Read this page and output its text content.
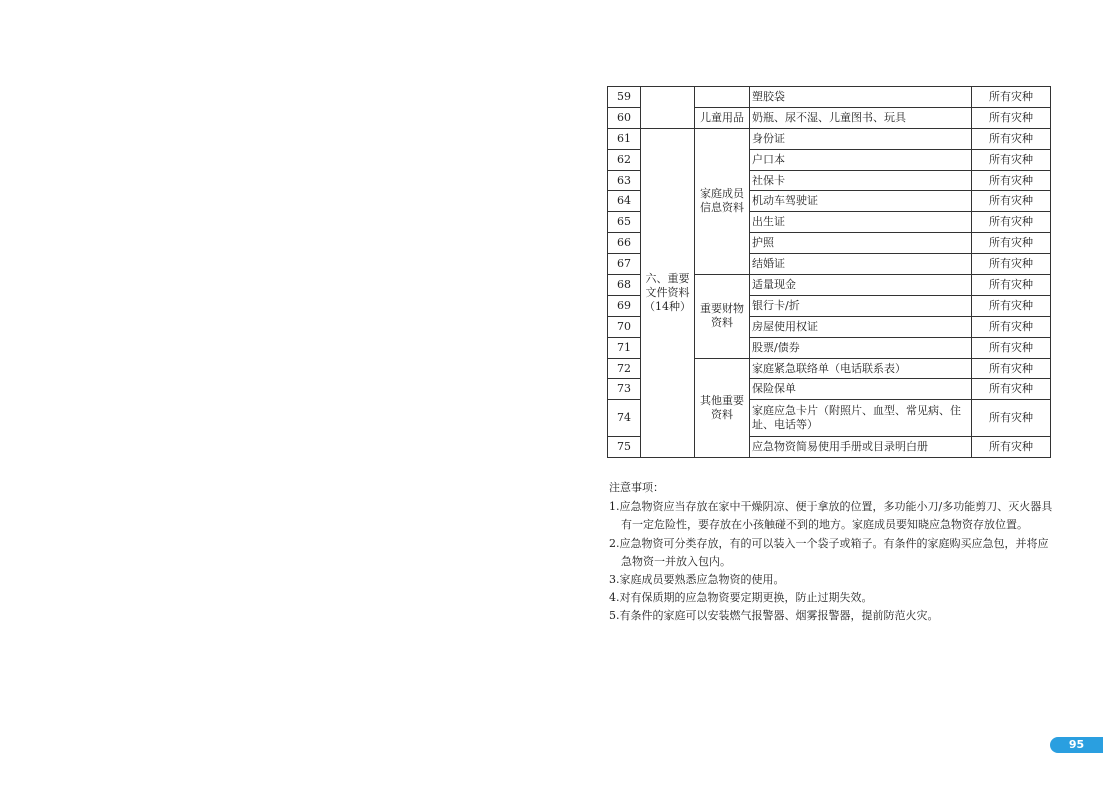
59			塑胶袋	所有灾种
60		儿童用品	奶瓶、尿不湿、儿童图书、玩具	所有灾种
61	六、重要文件资料（14种）	家庭成员信息资料	身份证	所有灾种
62			户口本	所有灾种
63			社保卡	所有灾种
64			机动车驾驶证	所有灾种
65			出生证	所有灾种
66			护照	所有灾种
67			结婚证	所有灾种
68		重要财物资料	适量现金	所有灾种
69			银行卡/折	所有灾种
70			房屋使用权证	所有灾种
71			股票/债券	所有灾种
72		其他重要资料	家庭紧急联络单（电话联系表）	所有灾种
73			保险保单	所有灾种
74			家庭应急卡片（附照片、血型、常见病、住址、电话等）	所有灾种
75			应急物资简易使用手册或目录明白册	所有灾种
注意事项：
1.应急物资应当存放在家中干燥阴凉、便于拿放的位置，多功能小刀/多功能剪刀、灭火器具有一定危险性，要存放在小孩触碰不到的地方。家庭成员要知晓应急物资存放位置。
2.应急物资可分类存放，有的可以装入一个袋子或箱子。有条件的家庭购买应急包，并将应急物资一并放入包内。
3.家庭成员要熟悉应急物资的使用。
4.对有保质期的应急物资要定期更换，防止过期失效。
5.有条件的家庭可以安装燃气报警器、烟雾报警器，提前防范火灾。
95
